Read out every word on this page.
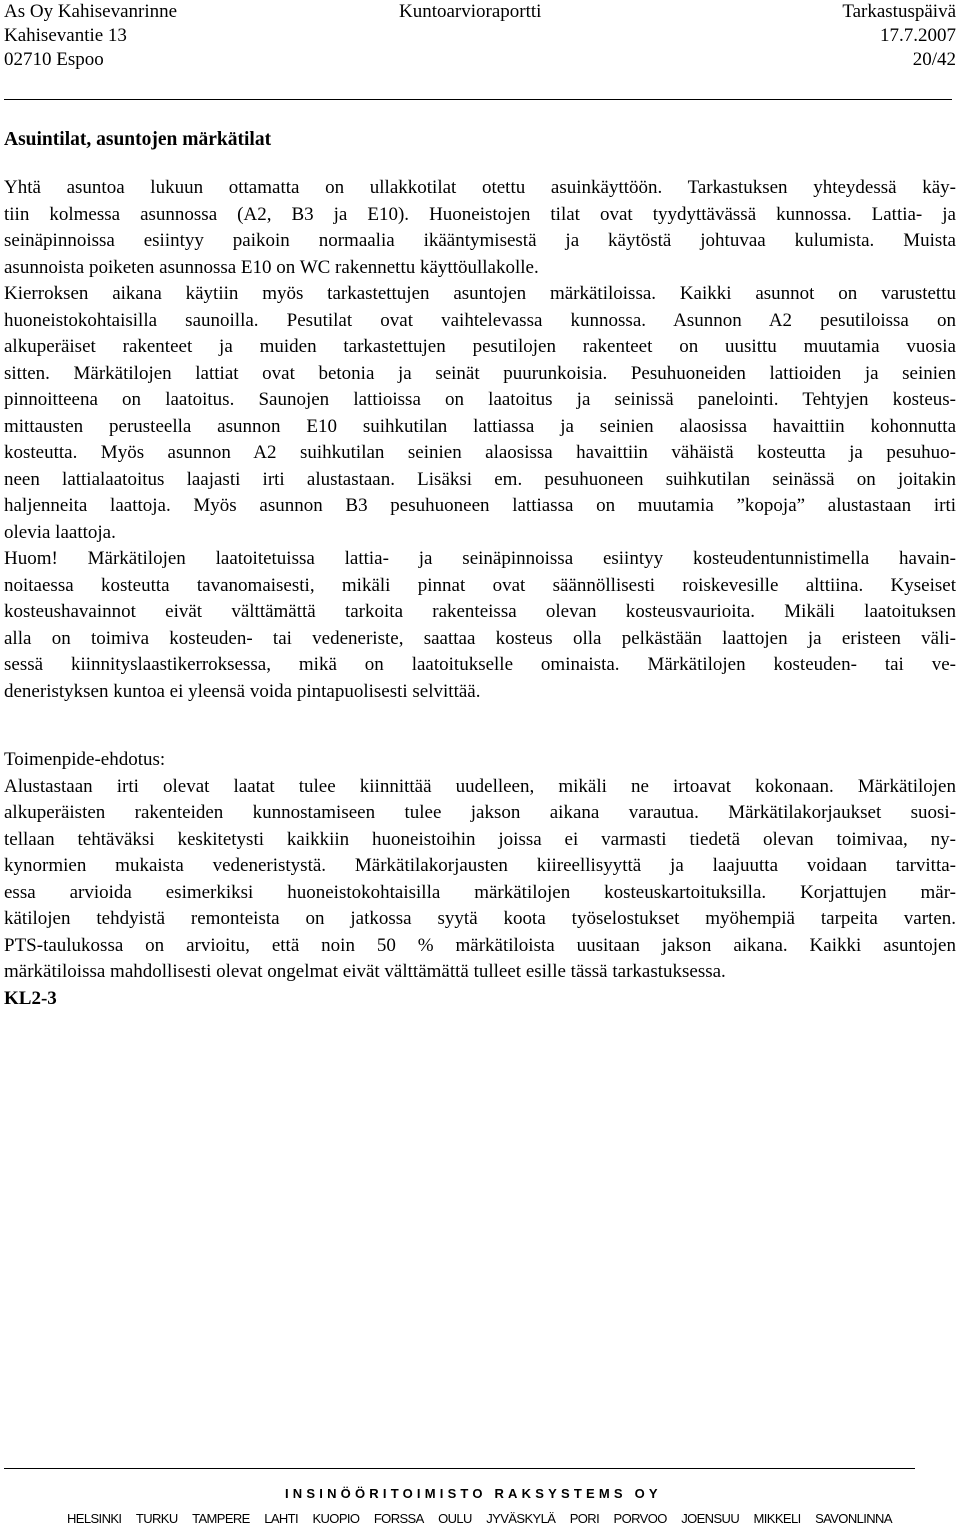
As Oy Kahisevanrinne	Kuntoarvioraportti	Tarkastuspäivä
Kahisevantie 13	17.7.2007
02710 Espoo	20/42
Asuintilat, asuntojen märkätilat

Yhtä asuntoa lukuun ottamatta on ullakkotilat otettu asuinkäyttöön. Tarkastuksen yhteydessä käy-
tiin kolmessa asunnossa (A2, B3 ja E10). Huoneistojen tilat ovat tyydyttävässä kunnossa. Lattia- ja
seinäpinnoissa esiintyy paikoin normaalia ikääntymisestä ja käytöstä johtuvaa kulumista. Muista
asunnoista poiketen asunnossa E10 on WC rakennettu käyttöullakolle.

Kierroksen aikana käytiin myös tarkastettujen asuntojen märkätiloissa. Kaikki asunnot on varustettu
huoneistokohtaisilla saunoilla. Pesutilat ovat vaihtelevassa kunnossa. Asunnon A2 pesutiloissa on
alkuperäiset rakenteet ja muiden tarkastettujen pesutilojen rakenteet on uusittu muutamia vuosia
sitten. Märkätilojen lattiat ovat betonia ja seinät puurunkoisia. Pesuhuoneiden lattioiden ja seinien
pinnoitteena on laatoitus. Saunojen lattioissa on laatoitus ja seinissä panelointi. Tehtyjen kosteus-
mittausten perusteella asunnon E10 suihkutilan lattiassa ja seinien alaosissa havaittiin kohonnutta
kosteutta. Myös asunnon A2 suihkutilan seinien alaosissa havaittiin vähäistä kosteutta ja pesuhuo-
neen lattialaatoitus laajasti irti alustastaan. Lisäksi em. pesuhuoneen suihkutilan seinässä on joitakin
haljenneita laattoja. Myös asunnon B3 pesuhuoneen lattiassa on muutamia ”kopoja” alustastaan irti
olevia laattoja.

Huom! Märkätilojen laatoitetuissa lattia- ja seinäpinnoissa esiintyy kosteudentunnistimella havain-
noitaessa kosteutta tavanomaisesti, mikäli pinnat ovat säännöllisesti roiskevesille alttiina. Kyseiset
kosteushavainnot eivät välttämättä tarkoita rakenteissa olevan kosteusvaurioita. Mikäli laatoituksen
alla on toimiva kosteuden- tai vedeneriste, saattaa kosteus olla pelkästään laattojen ja eristeen väli-
sessä kiinnityslaastikerroksessa, mikä on laatoitukselle ominaista. Märkätilojen kosteuden- tai ve-
deneristyksen kuntoa ei yleensä voida pintapuolisesti selvittää.

Toimenpide-ehdotus:

Alustastaan irti olevat laatat tulee kiinnittää uudelleen, mikäli ne irtoavat kokonaan. Märkätilojen
alkuperäisten rakenteiden kunnostamiseen tulee jakson aikana varautua. Märkätilakorjaukset suosi-
tellaan tehtäväksi keskitetysti kaikkiin huoneistoihin joissa ei varmasti tiedetä olevan toimivaa, ny-
kynormien mukaista vedeneristystä. Märkätilakorjausten kiireellisyyttä ja laajuutta voidaan tarvitta-
essa arvioida esimerkiksi huoneistokohtaisilla märkätilojen kosteuskartoituksilla. Korjattujen mär-
kätilojen tehdyistä remonteista on jatkossa syytä koota työselostukset myöhempiä tarpeita varten.
PTS-taulukossa on arvioitu, että noin 50 % märkätiloista uusitaan jakson aikana. Kaikki asuntojen
märkätiloissa mahdollisesti olevat ongelmat eivät välttämättä tulleet esille tässä tarkastuksessa.

KL2-3
INSINÖÖRITOIMISTO RAKSYSTEMS OY
HELSINKI TURKU TAMPERE LAHTI KUOPIO FORSSA OULU JYVÄSKYLÄ PORI PORVOO JOENSUU MIKKELI SAVONLINNA
